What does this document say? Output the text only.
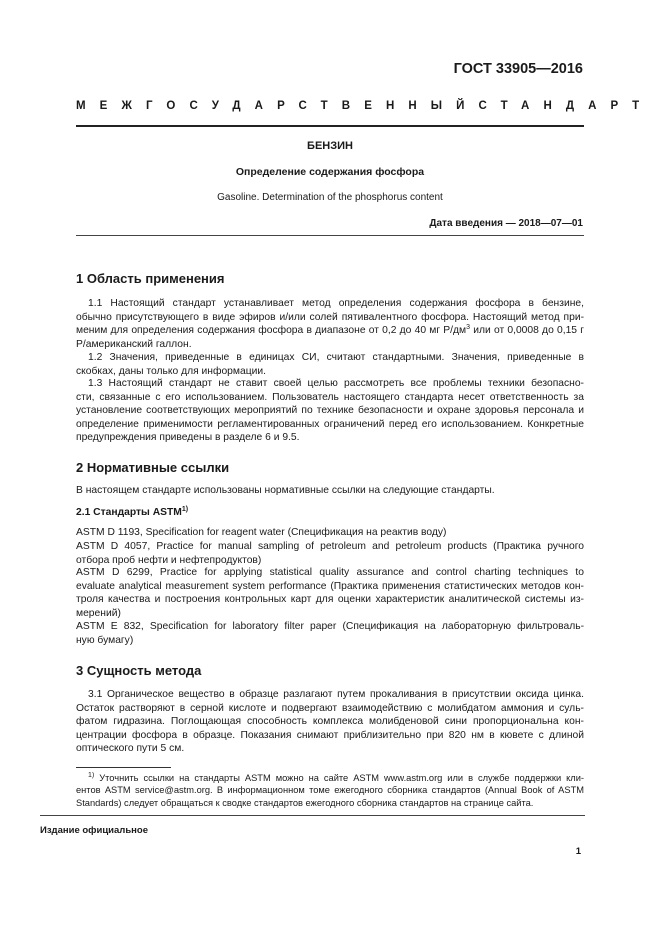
ГОСТ 33905—2016
МЕЖГОСУДАРСТВЕННЫЙ СТАНДАРТ
БЕНЗИН
Определение содержания фосфора
Gasoline. Determination of the phosphorus content
Дата введения — 2018—07—01
1 Область применения
1.1 Настоящий стандарт устанавливает метод определения содержания фосфора в бензине,
обычно присутствующего в виде эфиров и/или солей пятивалентного фосфора. Настоящий метод при-
меним для определения содержания фосфора в диапазоне от 0,2 до 40 мг $Р/дм^3$ или от 0,0008 до 0,15 г
Р/американский галлон.
1.2 Значения, приведенные в единицах СИ, считают стандартными. Значения, приведенные в
скобках, даны только для информации.
1.3 Настоящий стандарт не ставит своей целью рассмотреть все проблемы техники безопасно-
сти, связанные с его использованием. Пользователь настоящего стандарта несет ответственность за
установление соответствующих мероприятий по технике безопасности и охране здоровья персонала и
определение применимости регламентированных ограничений перед его использованием. Конкретные
предупреждения приведены в разделе 6 и 9.5.
2 Нормативные ссылки
В настоящем стандарте использованы нормативные ссылки на следующие стандарты.
2.1 Стандарты ASTM$^{1)}$
ASTM D 1193, Specification for reagent water (Спецификация на реактив воду)
ASTM D 4057, Practice for manual sampling of petroleum and petroleum products (Практика ручного
отбора проб нефти и нефтепродуктов)
ASTM D 6299, Practice for applying statistical quality assurance and control charting techniques to
evaluate analytical measurement system performance (Практика применения статистических методов кон-
троля качества и построения контрольных карт для оценки характеристик аналитической системы из-
мерений)
ASTM E 832, Specification for laboratory filter paper (Спецификация на лабораторную фильтроваль-
ную бумагу)
3 Сущность метода
3.1 Органическое вещество в образце разлагают путем прокаливания в присутствии оксида цинка.
Остаток растворяют в серной кислоте и подвергают взаимодействию с молибдатом аммония и суль-
фатом гидразина. Поглощающая способность комплекса молибденовой сини пропорциональна кон-
центрации фосфора в образце. Показания снимают приблизительно при 820 нм в кювете с длиной
оптического пути 5 см.
$^{1)}$ Уточнить ссылки на стандарты ASTM можно на сайте ASTM www.astm.org или в службе поддержки кли-
ентов ASTM service@astm.org. В информационном томе ежегодного сборника стандартов (Annual Book of ASTM
Standards) следует обращаться к сводке стандартов ежегодного сборника стандартов на странице сайта.
Издание официальное
1
